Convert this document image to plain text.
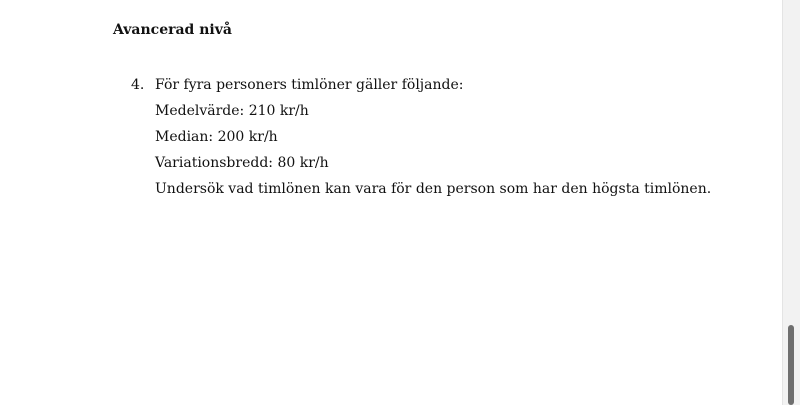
Avancerad nivå
4. För fyra personers timlöner gäller följande:
Medelvärde: 210 kr/h
Median: 200 kr/h
Variationsbredd: 80 kr/h
Undersök vad timlönen kan vara för den person som har den högsta timlönen.
